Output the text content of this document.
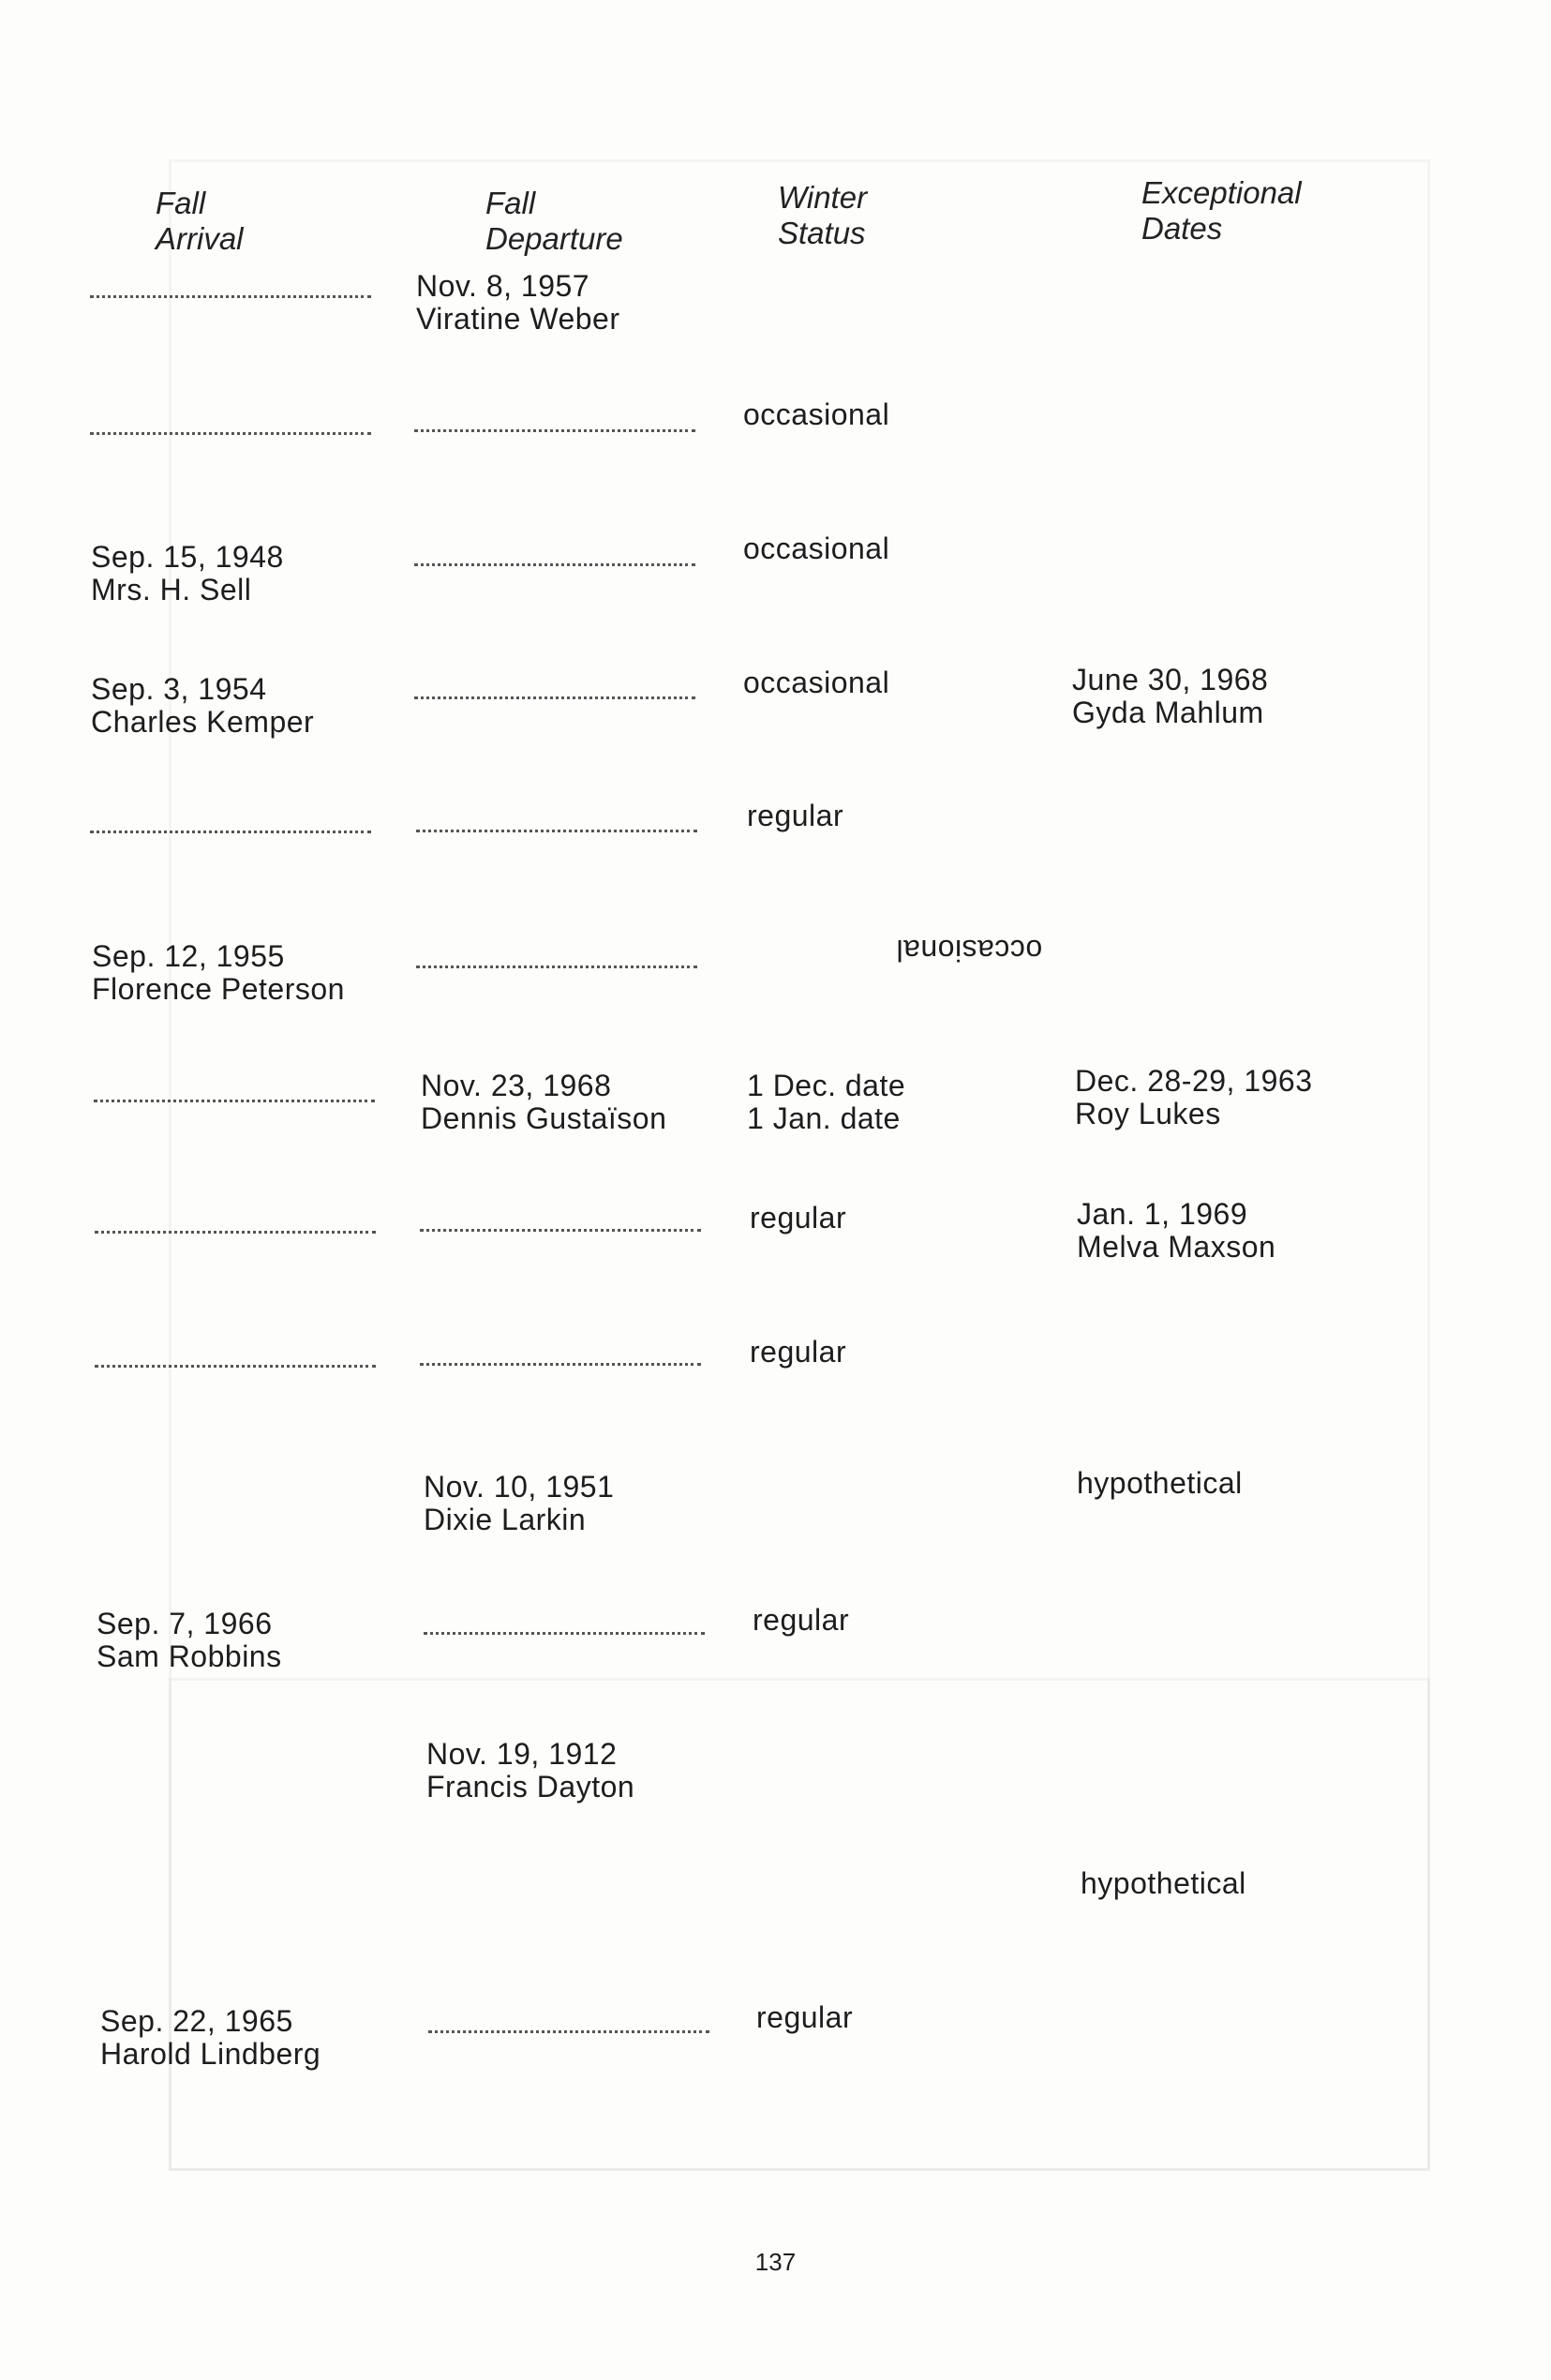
Fall
Arrival
Fall
Departure
Winter
Status
Exceptional
Dates
Nov. 8, 1957
Viratine Weber
occasional
Sep. 15, 1948
Mrs. H. Sell
occasional
Sep. 3, 1954
Charles Kemper
occasional	June 30, 1968
Gyda Mahlum
regular
Sep. 12, 1955
Florence Peterson
occasional
Nov. 23, 1968
Dennis Gustaïson
1 Dec. date
1 Jan. date
Dec. 28-29, 1963
Roy Lukes
regular	Jan. 1, 1969
Melva Maxson
regular
Nov. 10, 1951
Dixie Larkin
hypothetical
Sep. 7, 1966
Sam Robbins
regular
Nov. 19, 1912
Francis Dayton
hypothetical
Sep. 22, 1965
Harold Lindberg
regular
137
